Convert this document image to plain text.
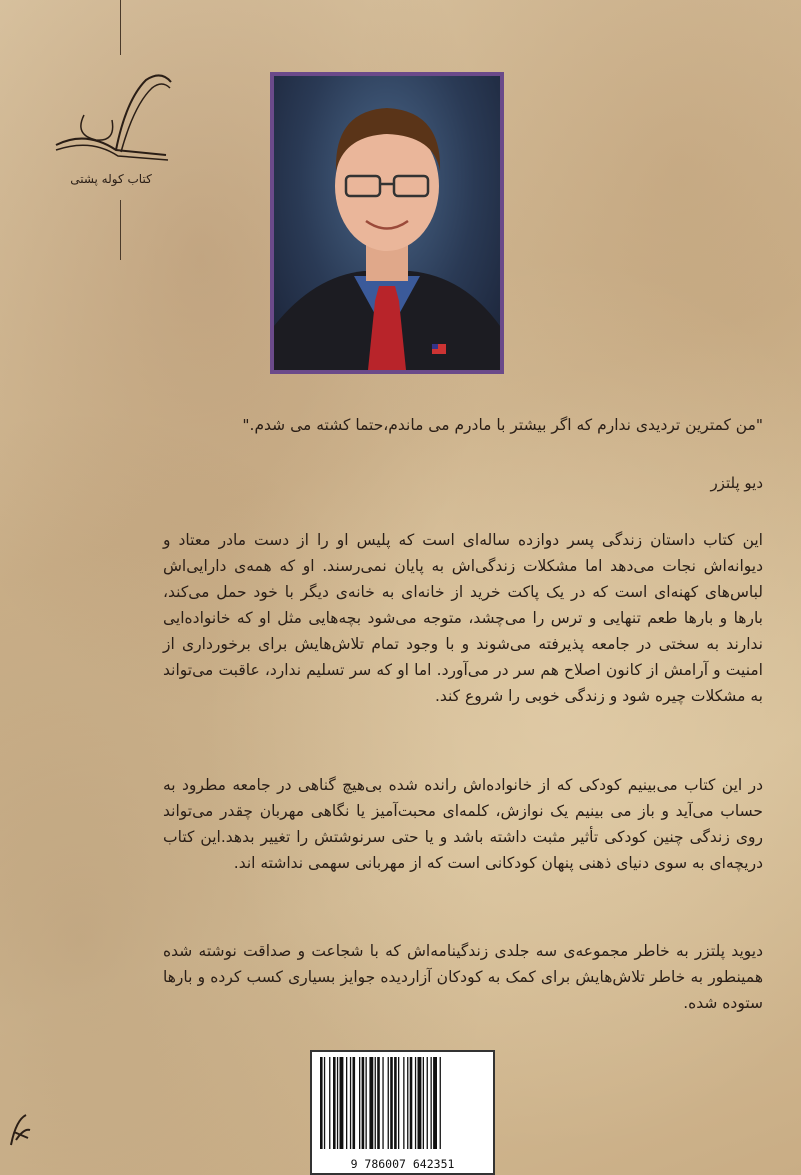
کتاب کوله پشتی
"من کمترین تردیدی ندارم که اگر بیشتر با مادرم می ماندم،حتما کشته می شدم."
دیو پلتزر
این کتاب داستان زندگی پسر دوازده ساله‌ای است که پلیس او را از دست مادر معتاد و دیوانه‌اش نجات می‌دهد اما مشکلات زندگی‌اش به پایان نمی‌رسند. او که همه‌ی دارایی‌اش لباس‌های کهنه‌ای است که در یک پاکت خرید از خانه‌ای به خانه‌ی دیگر با خود حمل می‌کند، بارها و بارها طعم تنهایی و ترس را می‌چشد، متوجه می‌شود بچه‌هایی مثل او که خانواده‌ایی ندارند به سختی در جامعه پذیرفته می‌شوند و با وجود تمام تلاش‌هایش برای برخورداری از امنیت و آرامش از کانون اصلاح هم سر در می‌آورد. اما او که سر تسلیم ندارد، عاقبت می‌تواند به مشکلات چیره شود و زندگی خوبی را شروع کند.
در این کتاب می‌بینیم کودکی که از خانواده‌اش رانده شده بی‌هیچ گناهی در جامعه مطرود به حساب می‌آید و باز می بینیم یک نوازش، کلمه‌ای محبت‌آمیز یا نگاهی مهربان چقدر می‌تواند روی زندگی چنین کودکی تأثیر مثبت داشته باشد و یا حتی سرنوشتش را تغییر بدهد.این کتاب دریچه‌ای به سوی دنیای ذهنی پنهان کودکانی است که از مهربانی سهمی نداشته اند.
دیوید پلتزر به خاطر مجموعه‌ی سه جلدی زندگینامه‌اش که با شجاعت و صداقت نوشته شده همینطور به خاطر تلاش‌هایش برای کمک به کودکان آزاردیده جوایز بسیاری کسب کرده و بارها ستوده شده.
9 786007 642351
